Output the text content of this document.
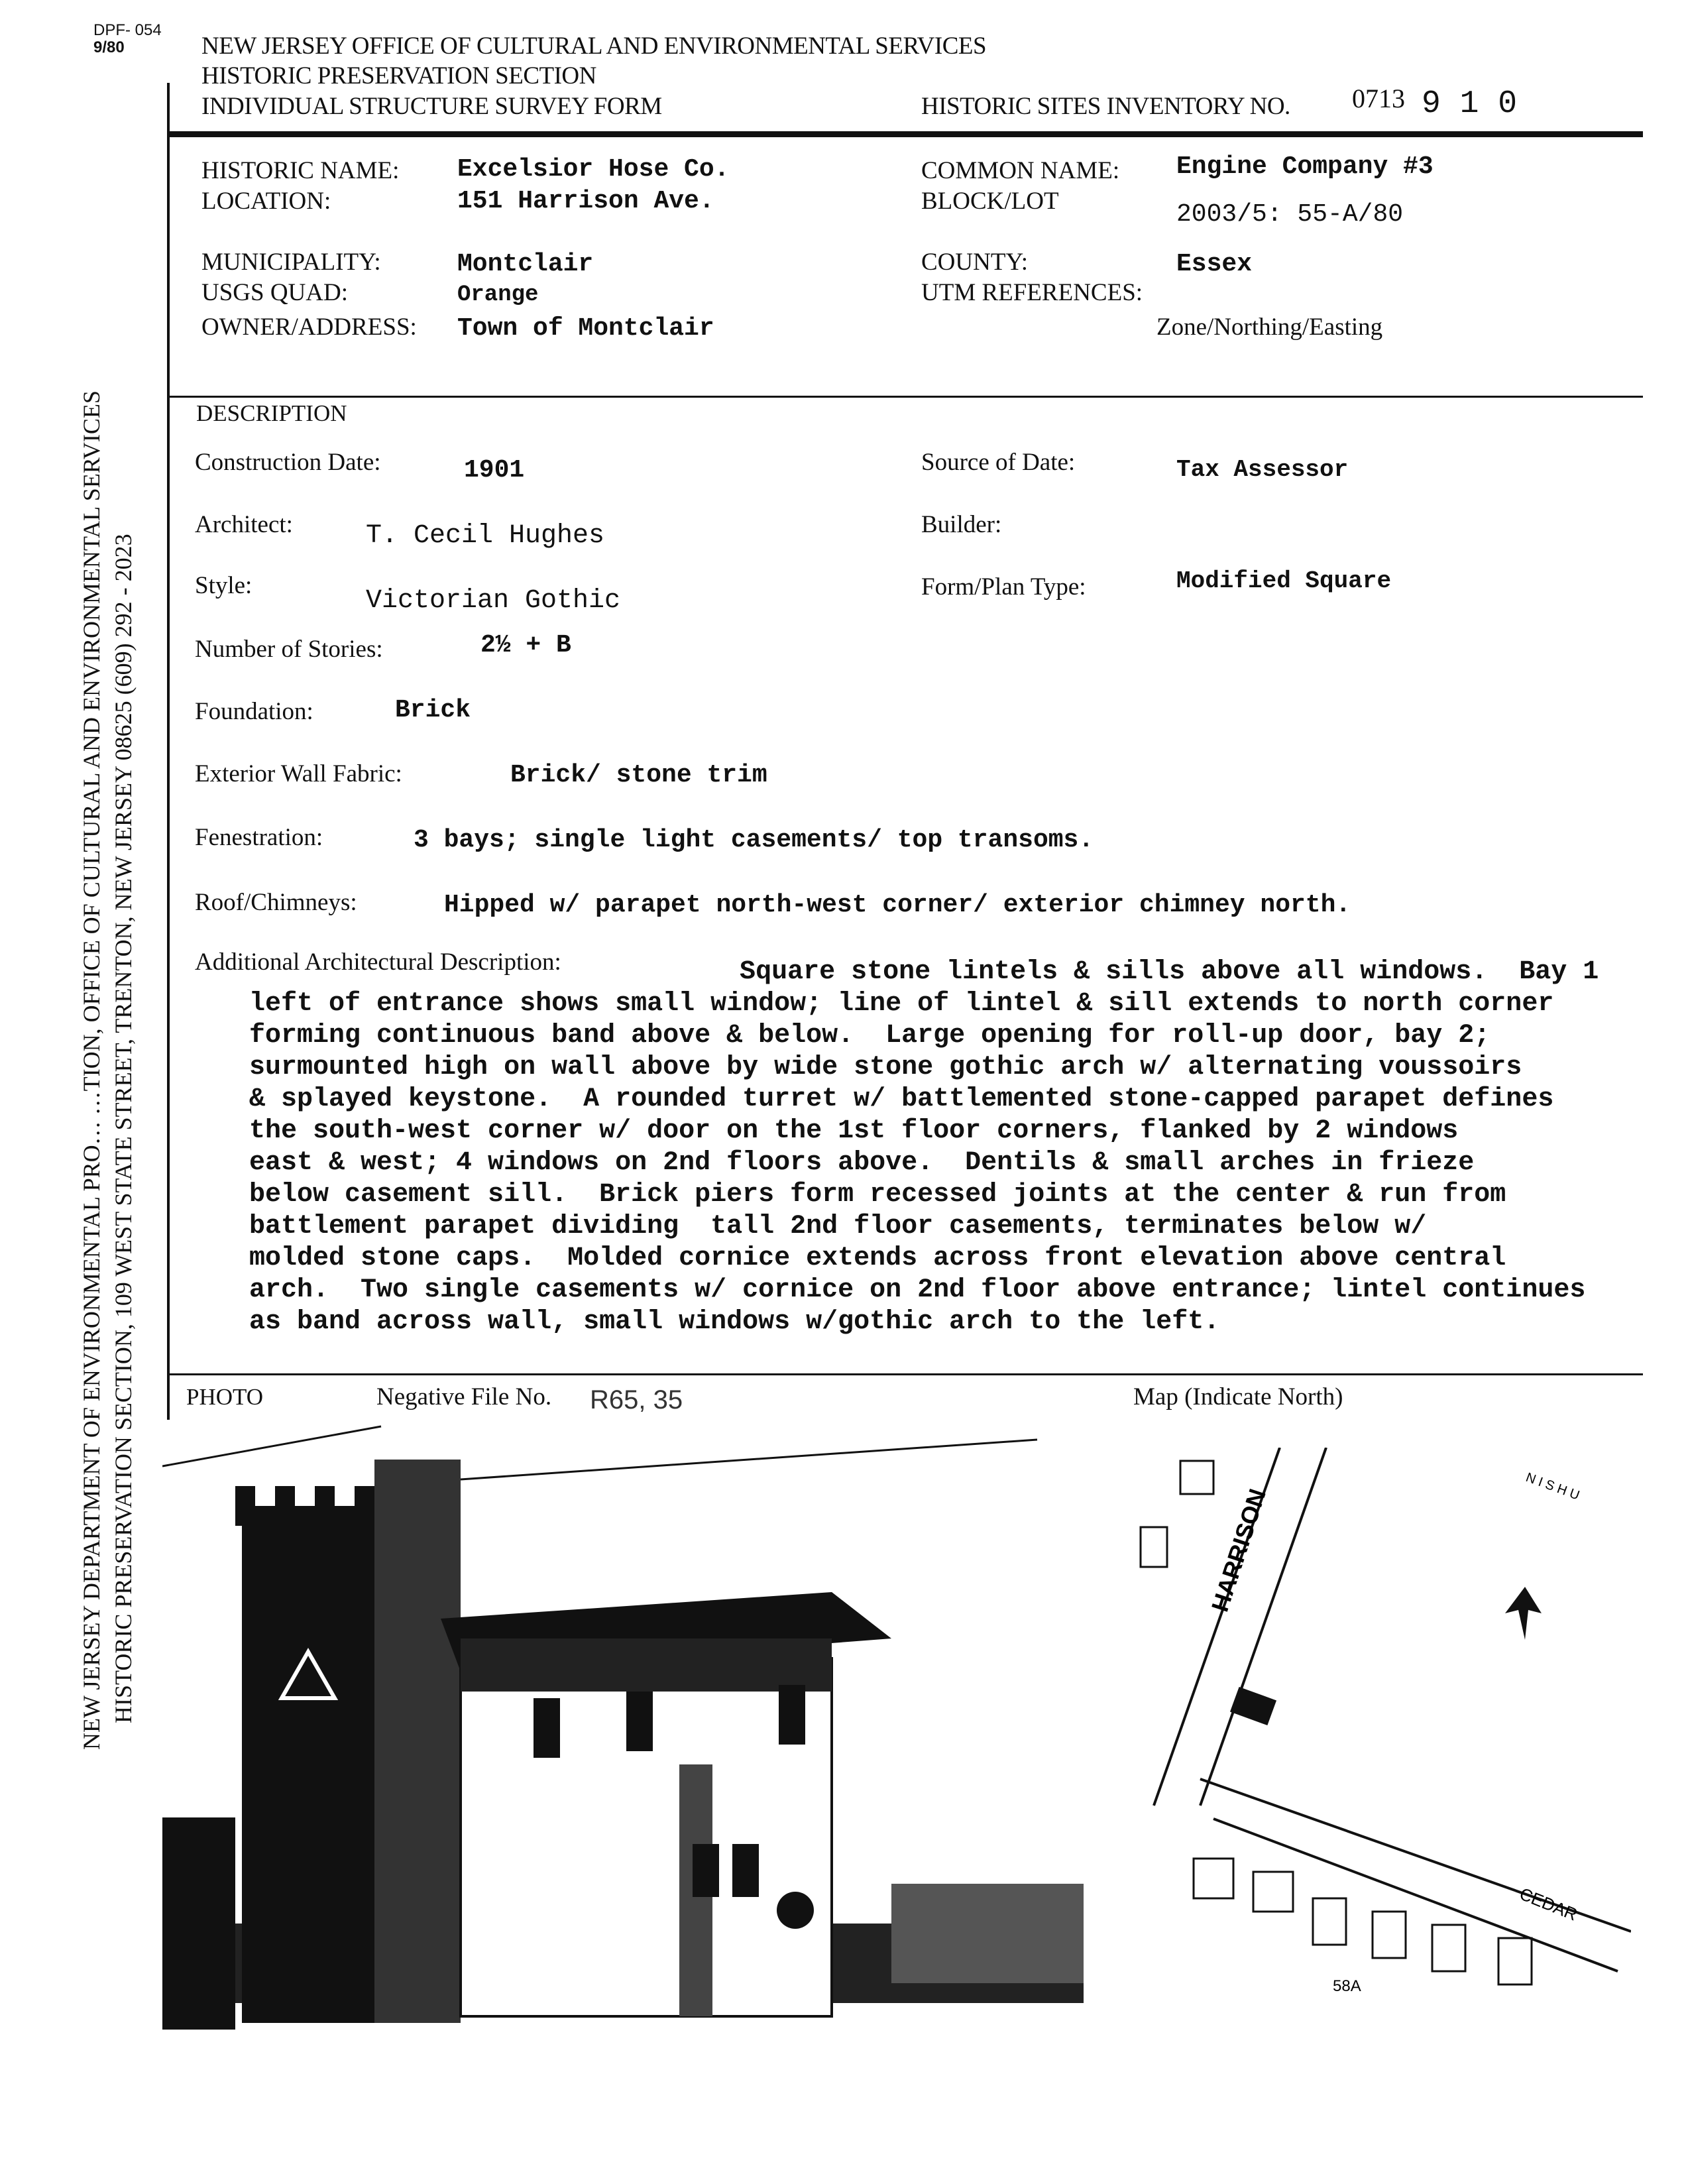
DPF- 054
9/80	NEW JERSEY OFFICE OF CULTURAL AND ENVIRONMENTAL SERVICES
HISTORIC PRESERVATION SECTION
INDIVIDUAL STRUCTURE SURVEY FORM	HISTORIC SITES INVENTORY NO. 0713 9 1 0
HISTORIC NAME: Excelsior Hose Co.
LOCATION:	151 Harrison Ave.
COMMON NAME: Engine Company #3
BLOCK/LOT	2003/5: 55-A/80
MUNICIPALITY:	Montclair
USGS QUAD:	Orange
OWNER/ADDRESS: Town of Montclair
COUNTY:	Essex
UTM REFERENCES:
Zone/Northing/Easting
DESCRIPTION
Construction Date:	1901	Source of Date:	Tax Assessor
Architect:	T. Cecil Hughes	Builder:
Style:
Victorian Gothic	Form/Plan Type:	Modified Square
Number of Stories:	2½ + B
Foundation:	Brick
Exterior Wall Fabric:	Brick/ stone trim
Fenestration:	3 bays; single light casements/ top transoms.
Roof/Chimneys:	Hipped w/ parapet north-west corner/ exterior chimney north.
Additional Architectural Description:	Square stone lintels & sills above all windows.  Bay 1
left of entrance shows small window; line of lintel & sill extends to north corner
forming continuous band above & below.  Large opening for roll-up door, bay 2;
surmounted high on wall above by wide stone gothic arch w/ alternating voussoirs
& splayed keystone.  A rounded turret w/ battlemented stone-capped parapet defines
the south-west corner w/ door on the 1st floor corners, flanked by 2 windows
east & west; 4 windows on 2nd floors above.  Dentils & small arches in frieze
below casement sill.  Brick piers form recessed joints at the center & run from
battlement parapet dividing  tall 2nd floor casements, terminates below w/
molded stone caps.  Molded cornice extends across front elevation above central
arch.  Two single casements w/ cornice on 2nd floor above entrance; lintel continues
as band across wall, small windows w/gothic arch to the left.
PHOTO	Negative File No. R65, 35	Map (Indicate North)
HARRISON
CEDAR
N I S H U
58A
NEW JERSEY DEPARTMENT OF ENVIRONMENTAL PRO… …TION, OFFICE OF CULTURAL AND ENVIRONMENTAL SERVICES HISTORIC PRESERVATION SECTION, 109 WEST STATE STREET, TRENTON, NEW JERSEY 08625 (609) 292 - 2023
